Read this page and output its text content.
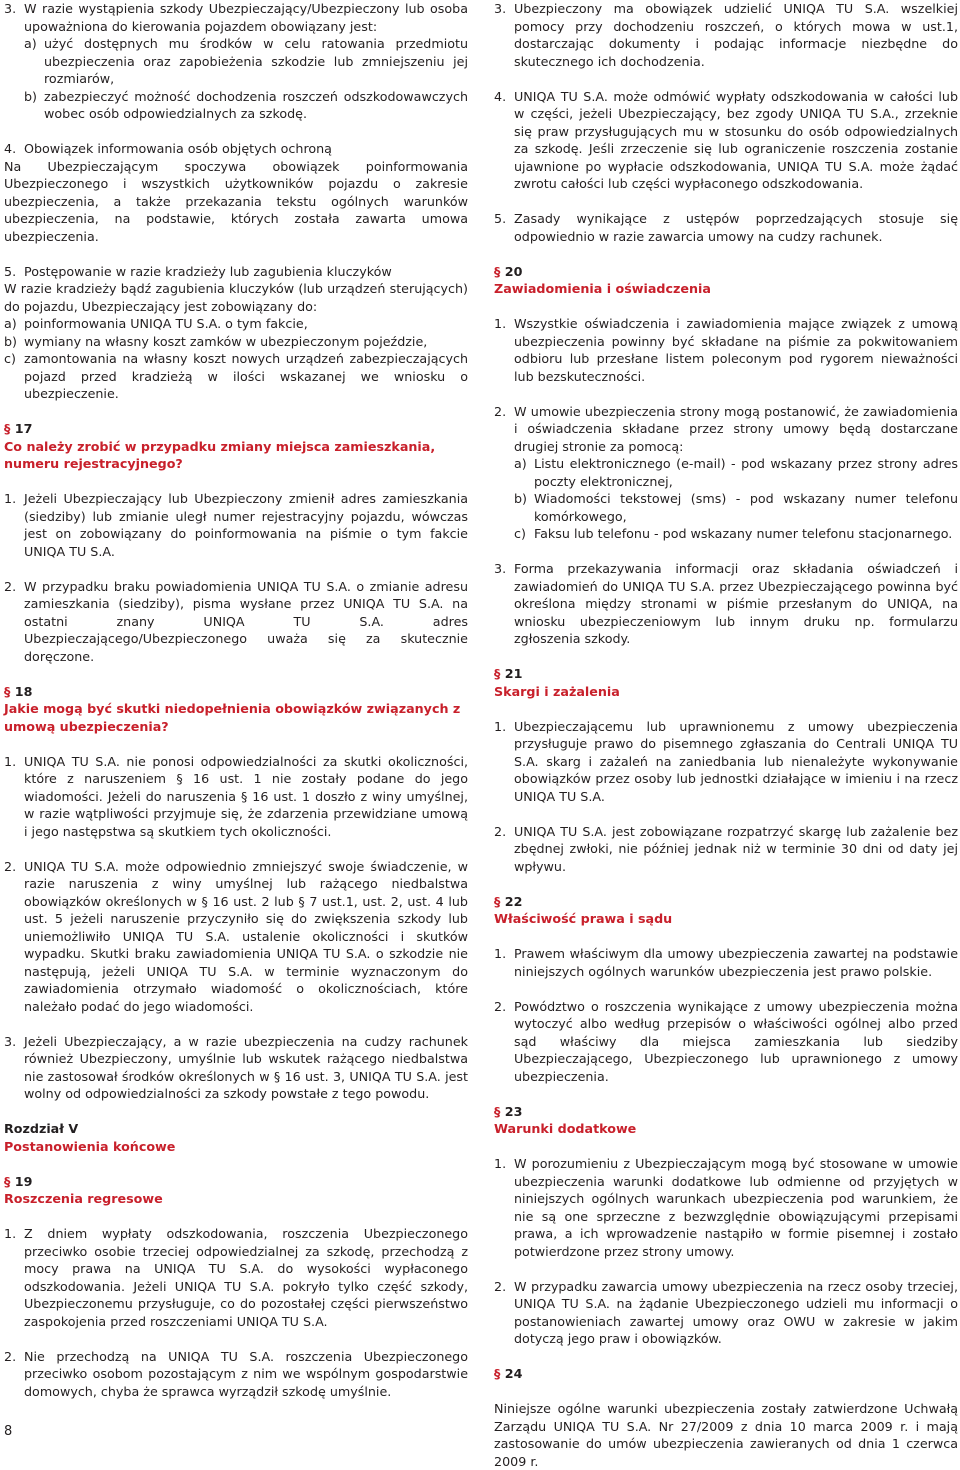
3. W razie wystąpienia szkody Ubezpieczający/Ubezpieczony lub osoba upoważniona do kierowania pojazdem obowiązany jest:
a) użyć dostępnych mu środków w celu ratowania przedmiotu ubezpieczenia oraz zapobieżenia szkodzie lub zmniejszeniu jej rozmiarów,
b) zabezpieczyć możność dochodzenia roszczeń odszkodowawczych wobec osób odpowiedzialnych za szkodę.
4. Obowiązek informowania osób objętych ochroną
Na Ubezpieczającym spoczywa obowiązek poinformowania Ubezpieczonego i wszystkich użytkowników pojazdu o zakresie ubezpieczenia, a także przekazania tekstu ogólnych warunków ubezpieczenia, na podstawie, których została zawarta umowa ubezpieczenia.
5. Postępowanie w razie kradzieży lub zagubienia kluczyków
W razie kradzieży bądź zagubienia kluczyków (lub urządzeń sterujących) do pojazdu, Ubezpieczający jest zobowiązany do:
a) poinformowania UNIQA TU S.A. o tym fakcie,
b) wymiany na własny koszt zamków w ubezpieczonym pojeździe,
c) zamontowania na własny koszt nowych urządzeń zabezpieczających pojazd przed kradzieżą w ilości wskazanej we wniosku o ubezpieczenie.
§ 17
Co należy zrobić w przypadku zmiany miejsca zamieszkania, numeru rejestracyjnego?
1. Jeżeli Ubezpieczający lub Ubezpieczony zmienił adres zamieszkania (siedziby) lub zmianie uległ numer rejestracyjny pojazdu, wówczas jest on zobowiązany do poinformowania na piśmie o tym fakcie UNIQA TU S.A.
2. W przypadku braku powiadomienia UNIQA TU S.A. o zmianie adresu zamieszkania (siedziby), pisma wysłane przez UNIQA TU S.A. na ostatni znany UNIQA TU S.A. adres Ubezpieczającego/Ubezpieczonego uważa się za skutecznie doręczone.
§ 18
Jakie mogą być skutki niedopełnienia obowiązków związanych z umową ubezpieczenia?
1. UNIQA TU S.A. nie ponosi odpowiedzialności za skutki okoliczności, które z naruszeniem § 16 ust. 1 nie zostały podane do jego wiadomości. Jeżeli do naruszenia § 16 ust. 1 doszło z winy umyślnej, w razie wątpliwości przyjmuje się, że zdarzenia przewidziane umową i jego następstwa są skutkiem tych okoliczności.
2. UNIQA TU S.A. może odpowiednio zmniejszyć swoje świadczenie, w razie naruszenia z winy umyślnej lub rażącego niedbalstwa obowiązków określonych w § 16 ust. 2 lub § 7 ust.1, ust. 2, ust. 4 lub ust. 5 jeżeli naruszenie przyczyniło się do zwiększenia szkody lub uniemożliwiło UNIQA TU S.A. ustalenie okoliczności i skutków wypadku. Skutki braku zawiadomienia UNIQA TU S.A. o szkodzie nie następują, jeżeli UNIQA TU S.A. w terminie wyznaczonym do zawiadomienia otrzymało wiadomość o okolicznościach, które należało podać do jego wiadomości.
3. Jeżeli Ubezpieczający, a w razie ubezpieczenia na cudzy rachunek również Ubezpieczony, umyślnie lub wskutek rażącego niedbalstwa nie zastosował środków określonych w § 16 ust. 3, UNIQA TU S.A. jest wolny od odpowiedzialności za szkody powstałe z tego powodu.
Rozdział V
Postanowienia końcowe
§ 19
Roszczenia regresowe
1. Z dniem wypłaty odszkodowania, roszczenia Ubezpieczonego przeciwko osobie trzeciej odpowiedzialnej za szkodę, przechodzą z mocy prawa na UNIQA TU S.A. do wysokości wypłaconego odszkodowania. Jeżeli UNIQA TU S.A. pokryło tylko część szkody, Ubezpieczonemu przysługuje, co do pozostałej części pierwszeństwo zaspokojenia przed roszczeniami UNIQA TU S.A.
2. Nie przechodzą na UNIQA TU S.A. roszczenia Ubezpieczonego przeciwko osobom pozostającym z nim we wspólnym gospodarstwie domowych, chyba że sprawca wyrządził szkodę umyślnie.
3. Ubezpieczony ma obowiązek udzielić UNIQA TU S.A. wszelkiej pomocy przy dochodzeniu roszczeń, o których mowa w ust.1, dostarczając dokumenty i podając informacje niezbędne do skutecznego ich dochodzenia.
4. UNIQA TU S.A. może odmówić wypłaty odszkodowania w całości lub w części, jeżeli Ubezpieczający, bez zgody UNIQA TU S.A., zrzeknie się praw przysługujących mu w stosunku do osób odpowiedzialnych za szkodę. Jeśli zrzeczenie się lub ograniczenie roszczenia zostanie ujawnione po wypłacie odszkodowania, UNIQA TU S.A. może żądać zwrotu całości lub części wypłaconego odszkodowania.
5. Zasady wynikające z ustępów poprzedzających stosuje się odpowiednio w razie zawarcia umowy na cudzy rachunek.
§ 20
Zawiadomienia i oświadczenia
1. Wszystkie oświadczenia i zawiadomienia mające związek z umową ubezpieczenia powinny być składane na piśmie za pokwitowaniem odbioru lub przesłane listem poleconym pod rygorem nieważności lub bezskuteczności.
2. W umowie ubezpieczenia strony mogą postanowić, że zawiadomienia i oświadczenia składane przez strony umowy będą dostarczane drugiej stronie za pomocą:
a) Listu elektronicznego (e-mail) - pod wskazany przez strony adres poczty elektronicznej,
b) Wiadomości tekstowej (sms) - pod wskazany numer telefonu komórkowego,
c) Faksu lub telefonu - pod wskazany numer telefonu stacjonarnego.
3. Forma przekazywania informacji oraz składania oświadczeń i zawiadomień do UNIQA TU S.A. przez Ubezpieczającego powinna być określona między stronami w piśmie przesłanym do UNIQA, na wniosku ubezpieczeniowym lub innym druku np. formularzu zgłoszenia szkody.
§ 21
Skargi i zażalenia
1. Ubezpieczającemu lub uprawnionemu z umowy ubezpieczenia przysługuje prawo do pisemnego zgłaszania do Centrali UNIQA TU S.A. skarg i zażaleń na zaniedbania lub nienależyte wykonywanie obowiązków przez osoby lub jednostki działające w imieniu i na rzecz UNIQA TU S.A.
2. UNIQA TU S.A. jest zobowiązane rozpatrzyć skargę lub zażalenie bez zbędnej zwłoki, nie później jednak niż w terminie 30 dni od daty jej wpływu.
§ 22
Właściwość prawa i sądu
1. Prawem właściwym dla umowy ubezpieczenia zawartej na podstawie niniejszych ogólnych warunków ubezpieczenia jest prawo polskie.
2. Powództwo o roszczenia wynikające z umowy ubezpieczenia można wytoczyć albo według przepisów o właściwości ogólnej albo przed sąd właściwy dla miejsca zamieszkania lub siedziby Ubezpieczającego, Ubezpieczonego lub uprawnionego z umowy ubezpieczenia.
§ 23
Warunki dodatkowe
1. W porozumieniu z Ubezpieczającym mogą być stosowane w umowie ubezpieczenia warunki dodatkowe lub odmienne od przyjętych w niniejszych ogólnych warunkach ubezpieczenia pod warunkiem, że nie są one sprzeczne z bezwzględnie obowiązującymi przepisami prawa, a ich wprowadzenie nastąpiło w formie pisemnej i zostało potwierdzone przez strony umowy.
2. W przypadku zawarcia umowy ubezpieczenia na rzecz osoby trzeciej, UNIQA TU S.A. na żądanie Ubezpieczonego udzieli mu informacji o postanowieniach zawartej umowy oraz OWU w zakresie w jakim dotyczą jego praw i obowiązków.
§ 24
Niniejsze ogólne warunki ubezpieczenia zostały zatwierdzone Uchwałą Zarządu UNIQA TU S.A. Nr 27/2009 z dnia 10 marca 2009 r. i mają zastosowanie do umów ubezpieczenia zawieranych od dnia 1 czerwca 2009 r.
8
